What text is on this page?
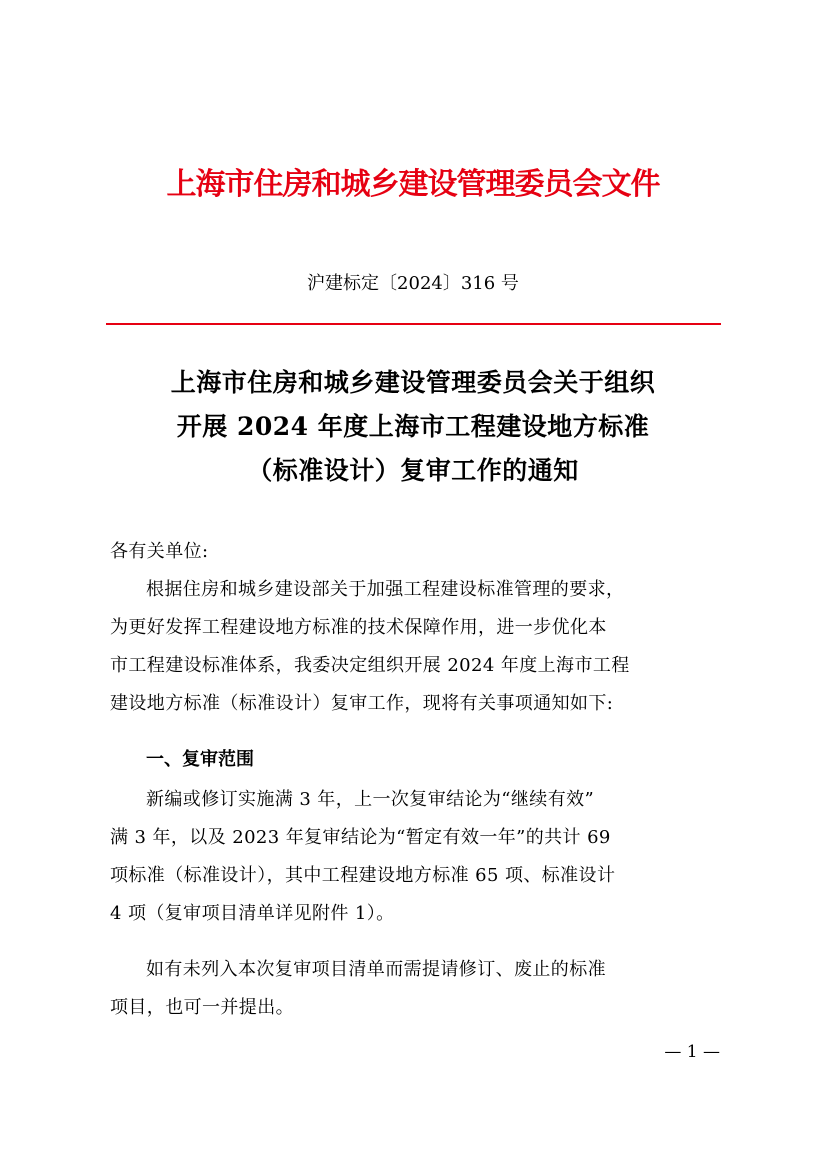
上海市住房和城乡建设管理委员会文件
沪建标定〔2024〕316 号
上海市住房和城乡建设管理委员会关于组织
开展 2024 年度上海市工程建设地方标准
（标准设计）复审工作的通知
各有关单位:
根据住房和城乡建设部关于加强工程建设标准管理的要求，
为更好发挥工程建设地方标准的技术保障作用，进一步优化本
市工程建设标准体系，我委决定组织开展 2024 年度上海市工程
建设地方标准（标准设计）复审工作，现将有关事项通知如下:
一、复审范围
新编或修订实施满 3 年，上一次复审结论为“继续有效”
满 3 年，以及 2023 年复审结论为“暂定有效一年”的共计 69
项标准（标准设计），其中工程建设地方标准 65 项、标准设计
4 项（复审项目清单详见附件 1）。
如有未列入本次复审项目清单而需提请修订、废止的标准
项目，也可一并提出。
— 1 —
